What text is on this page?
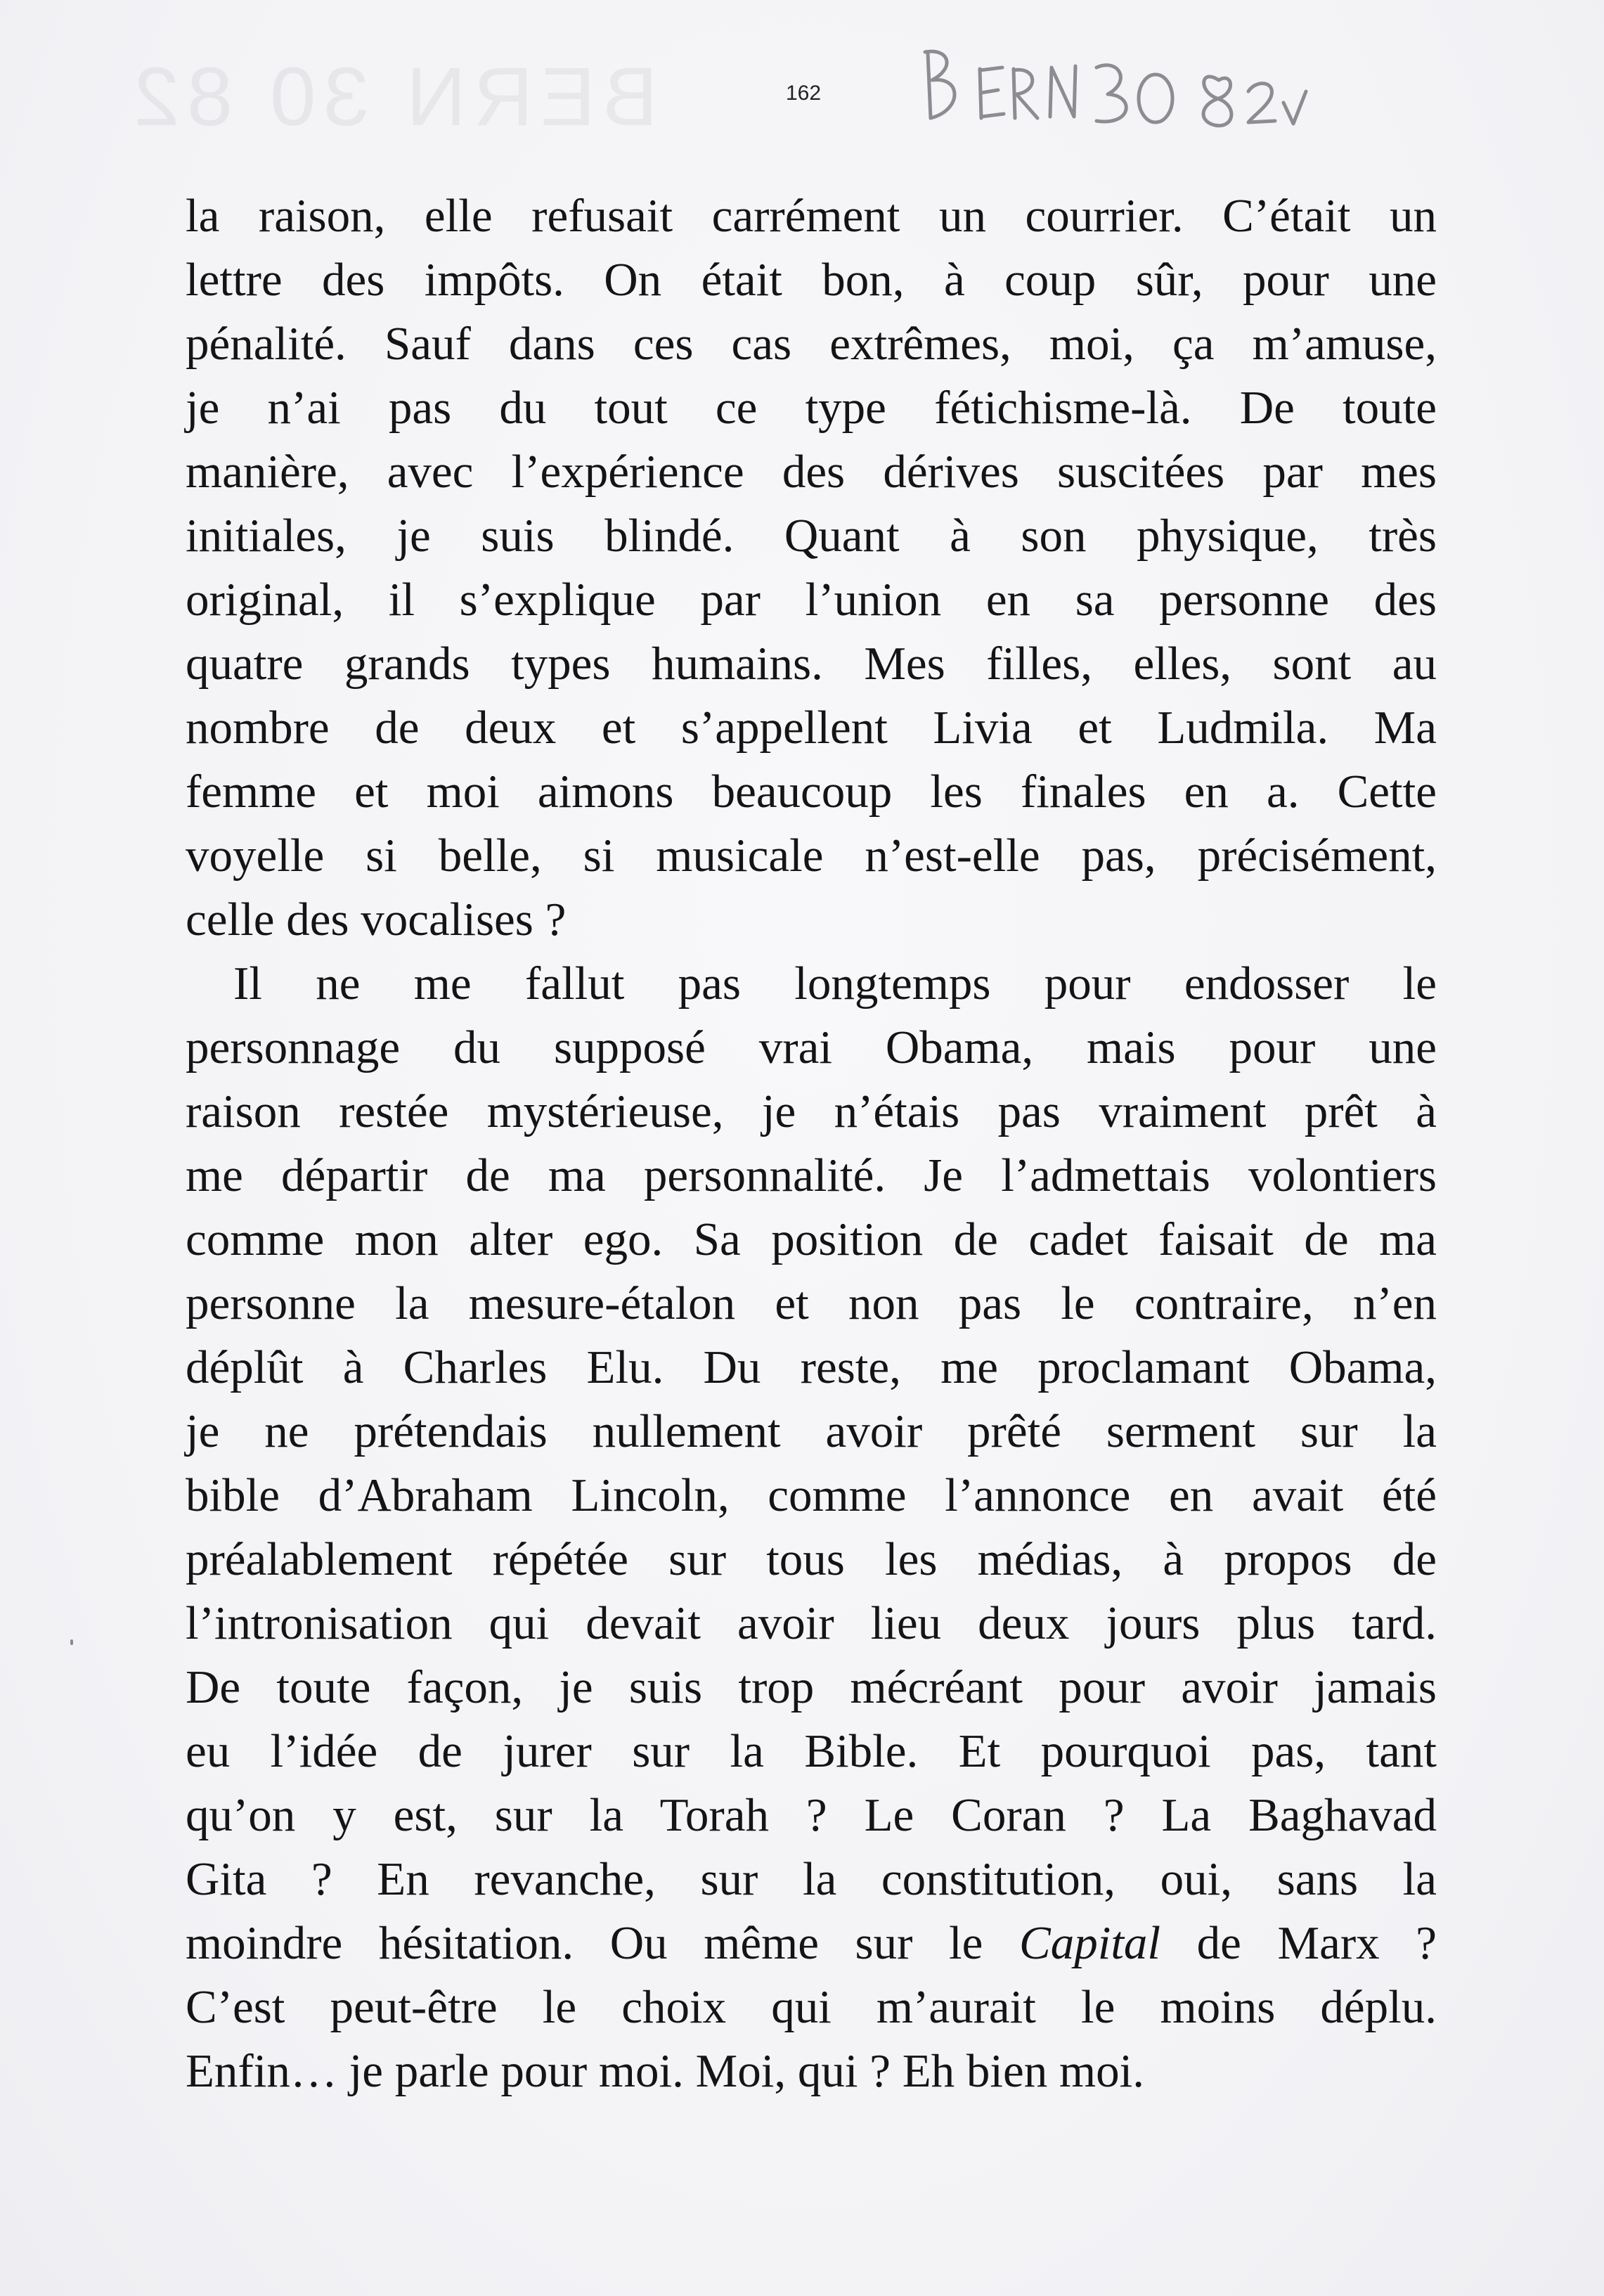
BERN 30 82	162
la raison, elle refusait carrément un courrier. C’était un
lettre des impôts. On était bon, à coup sûr, pour une
pénalité. Sauf dans ces cas extrêmes, moi, ça m’amuse,
je n’ai pas du tout ce type fétichisme-là. De toute
manière, avec l’expérience des dérives suscitées par mes
initiales, je suis blindé. Quant à son physique, très
original, il s’explique par l’union en sa personne des
quatre grands types humains. Mes filles, elles, sont au
nombre de deux et s’appellent Livia et Ludmila. Ma
femme et moi aimons beaucoup les finales en a. Cette
voyelle si belle, si musicale n’est-elle pas, précisément,
celle des vocalises ?
Il ne me fallut pas longtemps pour endosser le
personnage du supposé vrai Obama, mais pour une
raison restée mystérieuse, je n’étais pas vraiment prêt à
me départir de ma personnalité. Je l’admettais volontiers
comme mon alter ego. Sa position de cadet faisait de ma
personne la mesure-étalon et non pas le contraire, n’en
déplût à Charles Elu. Du reste, me proclamant Obama,
je ne prétendais nullement avoir prêté serment sur la
bible d’Abraham Lincoln, comme l’annonce en avait été
préalablement répétée sur tous les médias, à propos de
l’intronisation qui devait avoir lieu deux jours plus tard.
De toute façon, je suis trop mécréant pour avoir jamais
eu l’idée de jurer sur la Bible. Et pourquoi pas, tant
qu’on y est, sur la Torah ? Le Coran ? La Baghavad
Gita ? En revanche, sur la constitution, oui, sans la
moindre hésitation. Ou même sur le Capital de Marx ?
C’est peut-être le choix qui m’aurait le moins déplu.
Enfin… je parle pour moi. Moi, qui ? Eh bien moi.
